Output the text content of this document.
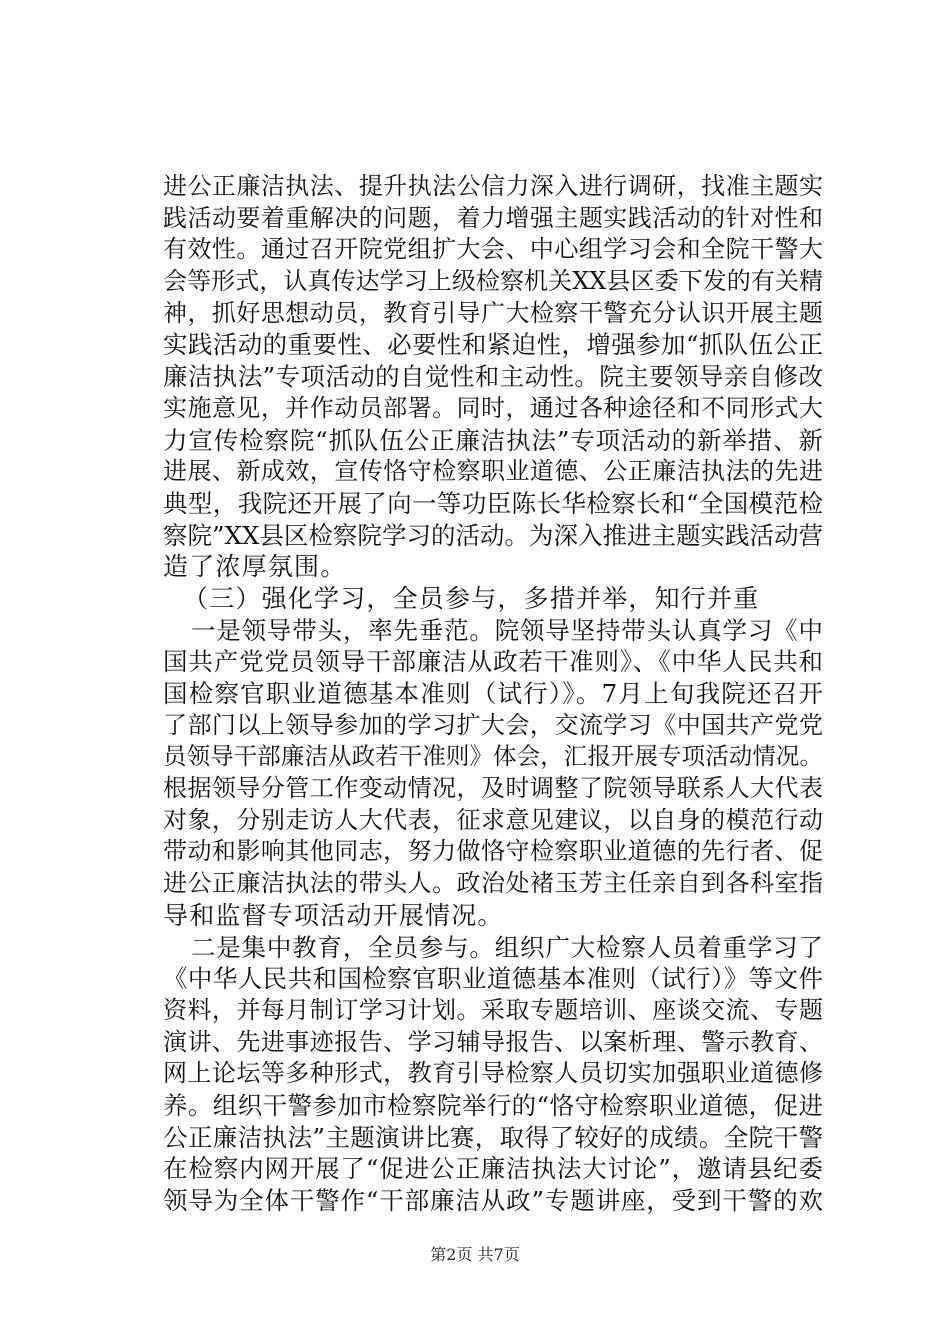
进公正廉洁执法、提升执法公信力深入进行调研，找准主题实
践活动要着重解决的问题，着力增强主题实践活动的针对性和
有效性。通过召开院党组扩大会、中心组学习会和全院干警大
会等形式，认真传达学习上级检察机关XX县区委下发的有关精
神，抓好思想动员，教育引导广大检察干警充分认识开展主题
实践活动的重要性、必要性和紧迫性，增强参加“抓队伍公正
廉洁执法”专项活动的自觉性和主动性。院主要领导亲自修改
实施意见，并作动员部署。同时，通过各种途径和不同形式大
力宣传检察院“抓队伍公正廉洁执法”专项活动的新举措、新
进展、新成效，宣传恪守检察职业道德、公正廉洁执法的先进
典型，我院还开展了向一等功臣陈长华检察长和“全国模范检
察院”XX县区检察院学习的活动。为深入推进主题实践活动营
造了浓厚氛围。
（三）强化学习，全员参与，多措并举，知行并重
一是领导带头，率先垂范。院领导坚持带头认真学习《中
国共产党党员领导干部廉洁从政若干准则》、《中华人民共和
国检察官职业道德基本准则（试行）》。7月上旬我院还召开
了部门以上领导参加的学习扩大会，交流学习《中国共产党党
员领导干部廉洁从政若干准则》体会，汇报开展专项活动情况。
根据领导分管工作变动情况，及时调整了院领导联系人大代表
对象，分别走访人大代表，征求意见建议，以自身的模范行动
带动和影响其他同志，努力做恪守检察职业道德的先行者、促
进公正廉洁执法的带头人。政治处褚玉芳主任亲自到各科室指
导和监督专项活动开展情况。
二是集中教育，全员参与。组织广大检察人员着重学习了
《中华人民共和国检察官职业道德基本准则（试行）》等文件
资料，并每月制订学习计划。采取专题培训、座谈交流、专题
演讲、先进事迹报告、学习辅导报告、以案析理、警示教育、
网上论坛等多种形式，教育引导检察人员切实加强职业道德修
养。组织干警参加市检察院举行的“恪守检察职业道德，促进
公正廉洁执法”主题演讲比赛，取得了较好的成绩。全院干警
在检察内网开展了“促进公正廉洁执法大讨论”，邀请县纪委
领导为全体干警作“干部廉洁从政”专题讲座，受到干警的欢
第2页 共7页
